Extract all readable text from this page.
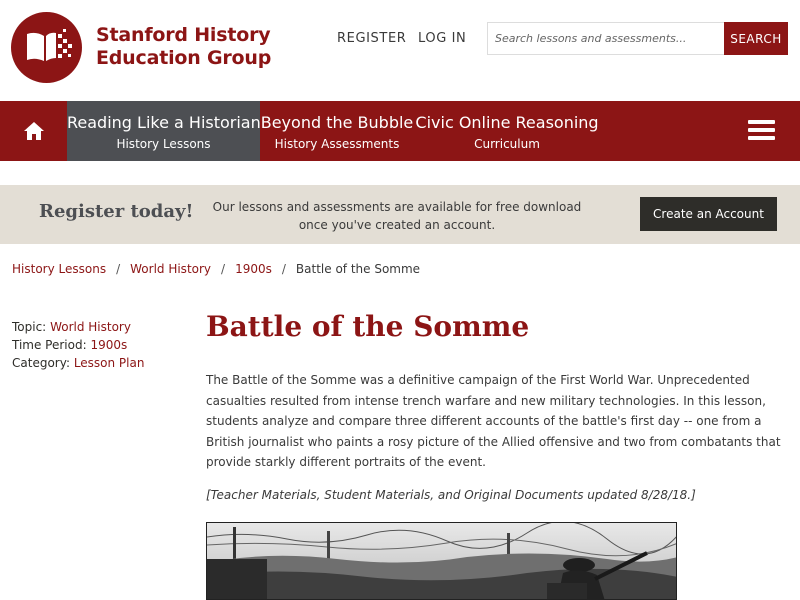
Stanford History
Education Group
REGISTER LOG IN
Search lessons and assessments...	SEARCH
Reading Like a Historian
History Lessons
Beyond the Bubble
History Assessments
Civic Online Reasoning
Curriculum
Register today! Our lessons and assessments are available for free download
once you've created an account.
Create an Account
History Lessons / World History / 1900s / Battle of the Somme
Topic: World History
Time Period: 1900s
Category: Lesson Plan
Battle of the Somme

The Battle of the Somme was a definitive campaign of the First World War. Unprecedented casualties resulted from intense trench warfare and new military technologies. In this lesson, students analyze and compare three different accounts of the battle's first day -- one from a British journalist who paints a rosy picture of the Allied offensive and two from combatants that provide starkly different portraits of the event.

[Teacher Materials, Student Materials, and Original Documents updated 8/28/18.]
